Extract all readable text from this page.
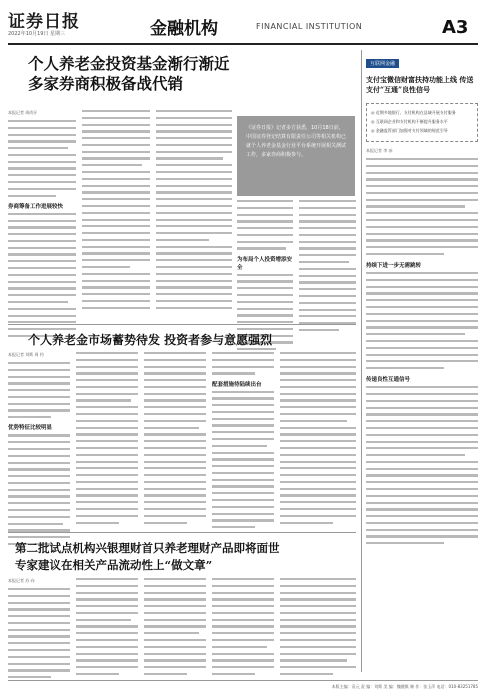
证券日报
2022年10月19日 星期三	金融机构	FINANCIAL INSTITUTION	A3
个人养老金投资基金渐行渐近
多家券商积极备战代销
本报记者 周尚仔
券商筹备工作进展较快

《证券日报》记者多方获悉，10月18日前，中国证券登记结算有限责任公司等相关机构已就个人养老金基金行业平台系统开展相关测试工作，多家券商积极参与。

为布局个人投资增添安全
个人养老金市场蓄势待发 投资者参与意愿强烈
本报记者 刘斯 周 钧
优势特征比较明显
配套措施待陆续出台
第二批试点机构兴银理财首只养老理财产品即将面世
专家建议在相关产品流动性上“做文章”
本报记者 苏 向
互联网金融
支付宝微信财富扶持功能上线 传送支付“互通”良性信号

◎ 近期多地银行、支付机构在县域开展支付服务

◎ 互联网企业和支付机构不断提升服务水平

◎ 金融监管部门加强对支付领域的规范引导

本报记者 李 冰
持续下进一步无需跳转
传递良性互通信号
本版主编：袁元 责 编：刘斯 美 编：魏健骐 制 作：张玉萍 电话：010-83251785
